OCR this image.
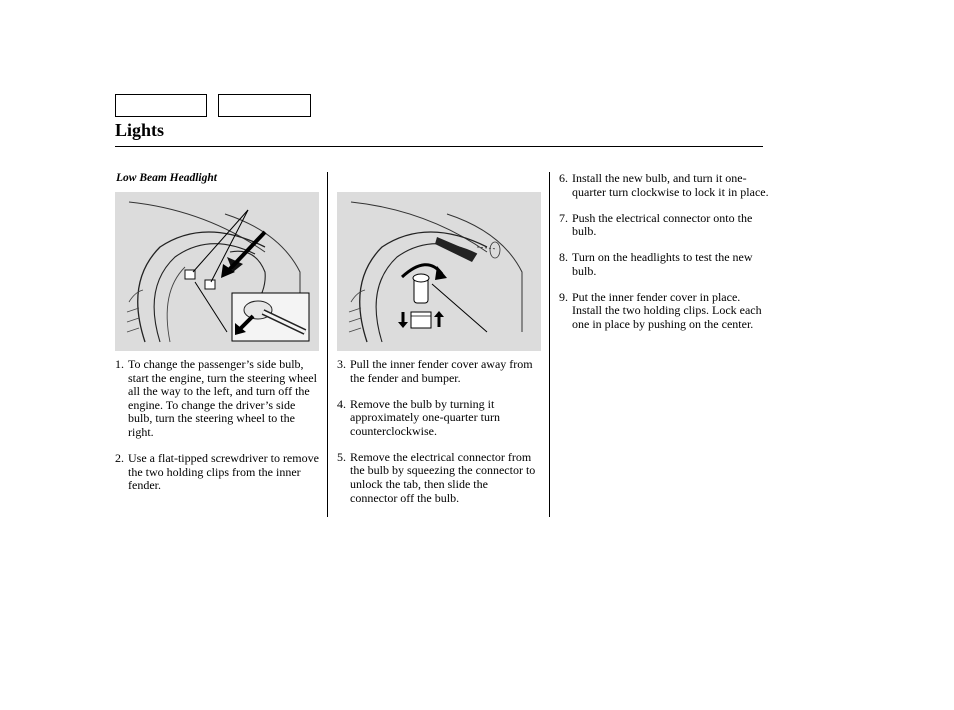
Lights
Low Beam Headlight
1. To change the passenger’s side bulb, start the engine, turn the steering wheel all the way to the left, and turn off the engine. To change the driver’s side bulb, turn the steering wheel to the right.
2. Use a flat-tipped screwdriver to remove the two holding clips from the inner fender.
3. Pull the inner fender cover away from the fender and bumper.
4. Remove the bulb by turning it approximately one-quarter turn counterclockwise.
5. Remove the electrical connector from the bulb by squeezing the connector to unlock the tab, then slide the connector off the bulb.
6. Install the new bulb, and turn it one-quarter turn clockwise to lock it in place.
7. Push the electrical connector onto the bulb.
8. Turn on the headlights to test the new bulb.
9. Put the inner fender cover in place. Install the two holding clips. Lock each one in place by pushing on the center.
